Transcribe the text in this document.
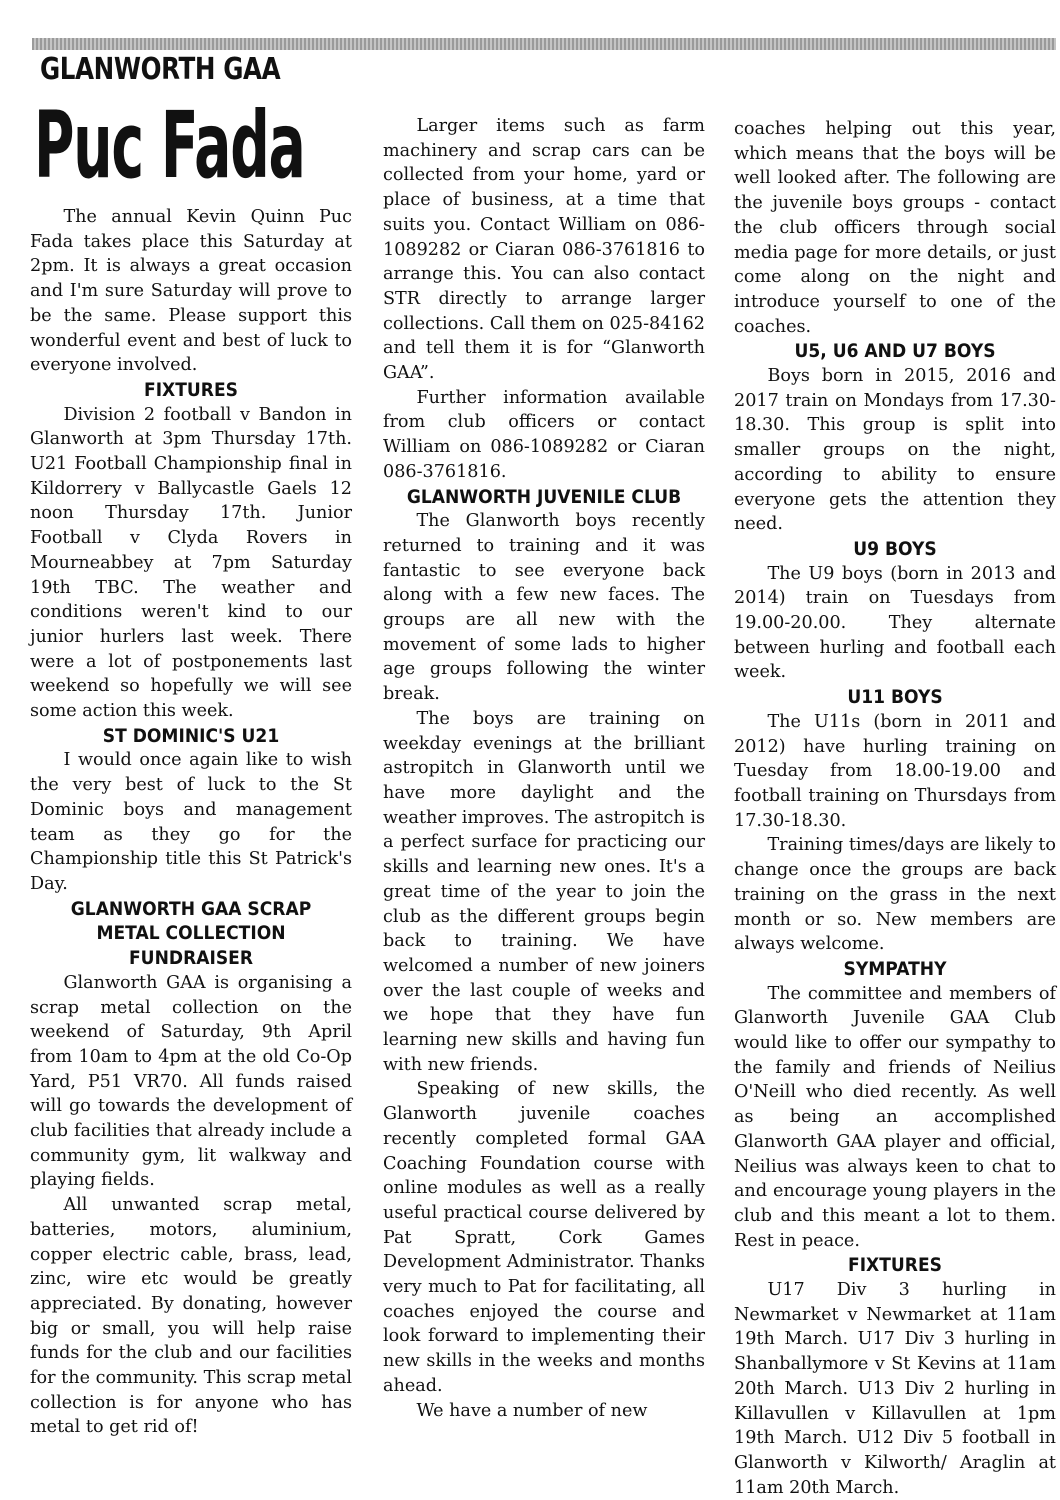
GLANWORTH GAA
Puc Fada

The annual Kevin Quinn Puc Fada takes place this Saturday at 2pm. It is always a great occasion and I'm sure Saturday will prove to be the same. Please support this wonderful event and best of luck to everyone involved.

FIXTURES

Division 2 football v Bandon in Glanworth at 3pm Thursday 17th. U21 Football Championship final in Kildorrery v Ballycastle Gaels 12 noon Thursday 17th. Junior Football v Clyda Rovers in Mourneabbey at 7pm Saturday 19th TBC. The weather and conditions weren't kind to our junior hurlers last week. There were a lot of postponements last weekend so hopefully we will see some action this week.

ST DOMINIC'S U21

I would once again like to wish the very best of luck to the St Dominic boys and management team as they go for the Championship title this St Patrick's Day.

GLANWORTH GAA SCRAP METAL COLLECTION FUNDRAISER

Glanworth GAA is organising a scrap metal collection on the weekend of Saturday, 9th April from 10am to 4pm at the old Co-Op Yard, P51 VR70. All funds raised will go towards the development of club facilities that already include a community gym, lit walkway and playing fields.

All unwanted scrap metal, batteries, motors, aluminium, copper electric cable, brass, lead, zinc, wire etc would be greatly appreciated. By donating, however big or small, you will help raise funds for the club and our facilities for the community. This scrap metal collection is for anyone who has metal to get rid of!

Larger items such as farm machinery and scrap cars can be collected from your home, yard or place of business, at a time that suits you. Contact William on 086-1089282 or Ciaran 086-3761816 to arrange this. You can also contact STR directly to arrange larger collections. Call them on 025-84162 and tell them it is for “Glanworth GAA”.

Further information available from club officers or contact William on 086-1089282 or Ciaran 086-3761816.

GLANWORTH JUVENILE CLUB

The Glanworth boys recently returned to training and it was fantastic to see everyone back along with a few new faces. The groups are all new with the movement of some lads to higher age groups following the winter break.

The boys are training on weekday evenings at the brilliant astropitch in Glanworth until we have more daylight and the weather improves. The astropitch is a perfect surface for practicing our skills and learning new ones. It's a great time of the year to join the club as the different groups begin back to training. We have welcomed a number of new joiners over the last couple of weeks and we hope that they have fun learning new skills and having fun with new friends.

Speaking of new skills, the Glanworth juvenile coaches recently completed formal GAA Coaching Foundation course with online modules as well as a really useful practical course delivered by Pat Spratt, Cork Games Development Administrator. Thanks very much to Pat for facilitating, all coaches enjoyed the course and look forward to implementing their new skills in the weeks and months ahead.

We have a number of new

coaches helping out this year, which means that the boys will be well looked after. The following are the juvenile boys groups - contact the club officers through social media page for more details, or just come along on the night and introduce yourself to one of the coaches.

U5, U6 AND U7 BOYS

Boys born in 2015, 2016 and 2017 train on Mondays from 17.30-18.30. This group is split into smaller groups on the night, according to ability to ensure everyone gets the attention they need.

U9 BOYS

The U9 boys (born in 2013 and 2014) train on Tuesdays from 19.00-20.00. They alternate between hurling and football each week.

U11 BOYS

The U11s (born in 2011 and 2012) have hurling training on Tuesday from 18.00-19.00 and football training on Thursdays from 17.30-18.30.

Training times/days are likely to change once the groups are back training on the grass in the next month or so. New members are always welcome.

SYMPATHY

The committee and members of Glanworth Juvenile GAA Club would like to offer our sympathy to the family and friends of Neilius O'Neill who died recently. As well as being an accomplished Glanworth GAA player and official, Neilius was always keen to chat to and encourage young players in the club and this meant a lot to them. Rest in peace.

FIXTURES

U17 Div 3 hurling in Newmarket v Newmarket at 11am 19th March. U17 Div 3 hurling in Shanballymore v St Kevins at 11am 20th March. U13 Div 2 hurling in Killavullen v Killavullen at 1pm 19th March. U12 Div 5 football in Glanworth v Kilworth/ Araglin at 11am 20th March.
